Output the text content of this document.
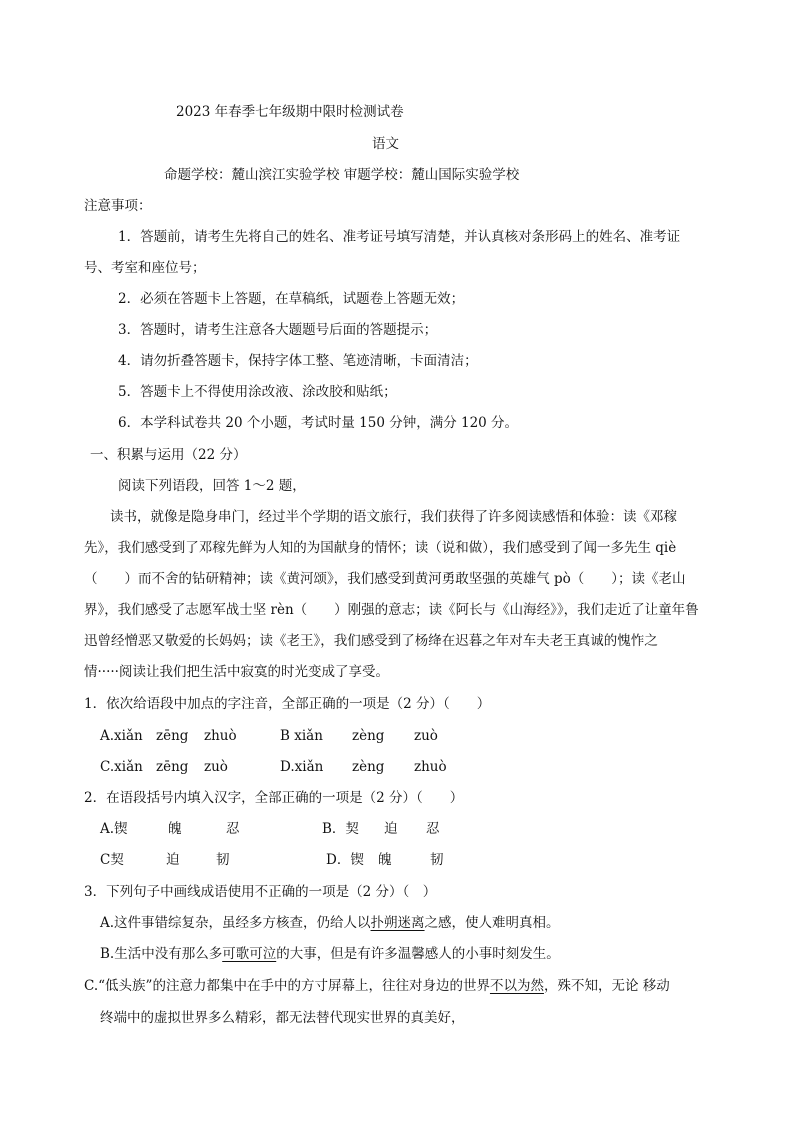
2023 年春季七年级期中限时检测试卷
语文
命题学校：麓山滨江实验学校 审题学校：麓山国际实验学校
注意事项：
1．答题前，请考生先将自己的姓名、准考证号填写清楚，并认真核对条形码上的姓名、准考证
号、考室和座位号；
2．必须在答题卡上答题，在草稿纸，试题卷上答题无效；
3．答题时，请考生注意各大题题号后面的答题提示；
4．请勿折叠答题卡，保持字体工整、笔迹清晰，卡面清洁；
5．答题卡上不得使用涂改液、涂改胶和贴纸；
6．本学科试卷共 20 个小题，考试时量 150 分钟，满分 120 分。
一、积累与运用（22 分）
阅读下列语段，回答 1～2 题，
读书，就像是隐身串门，经过半个学期的语文旅行，我们获得了许多阅读感悟和体验：读《邓稼
先》，我们感受到了邓稼先鲜为人知的为国献身的情怀；读（说和做），我们感受到了闻一多先生 qiè
（　　）而不舍的钻研精神；读《黄河颂》，我们感受到黄河勇敢坚强的英雄气 pò（　　）；读《老山
界》，我们感受了志愿军战士坚 rèn（　　）刚强的意志；读《阿长与《山海经》》，我们走近了让童年鲁
迅曾经憎恶又敬爱的长妈妈；读《老王》，我们感受到了杨绛在迟暮之年对车夫老王真诚的愧怍之
情·····阅读让我们把生活中寂寞的时光变成了享受。
1．依次给语段中加点的字注音，全部正确的一项是（2 分）（　　）
A.xiǎn zēng zhuò	B xiǎn zèng zuò
C.xiǎn zēng zuò	D.xiǎn zèng zhuò
2．在语段括号内填入汉字，全部正确的一项是（2 分）（　　）
A.锲	魄	忍	B．契 迫 忍
C契	迫	韧	D．锲 魄	韧
3．下列句子中画线成语使用不正确的一项是（2 分）（　）
A.这件事错综复杂，虽经多方核查，仍给人以扑朔迷离之感，使人难明真相。
B.生活中没有那么多可歌可泣的大事，但是有许多温馨感人的小事时刻发生。
C.“低头族”的注意力都集中在手中的方寸屏幕上，往往对身边的世界不以为然，殊不知，无论 移动
终端中的虚拟世界多么精彩，都无法替代现实世界的真美好，
